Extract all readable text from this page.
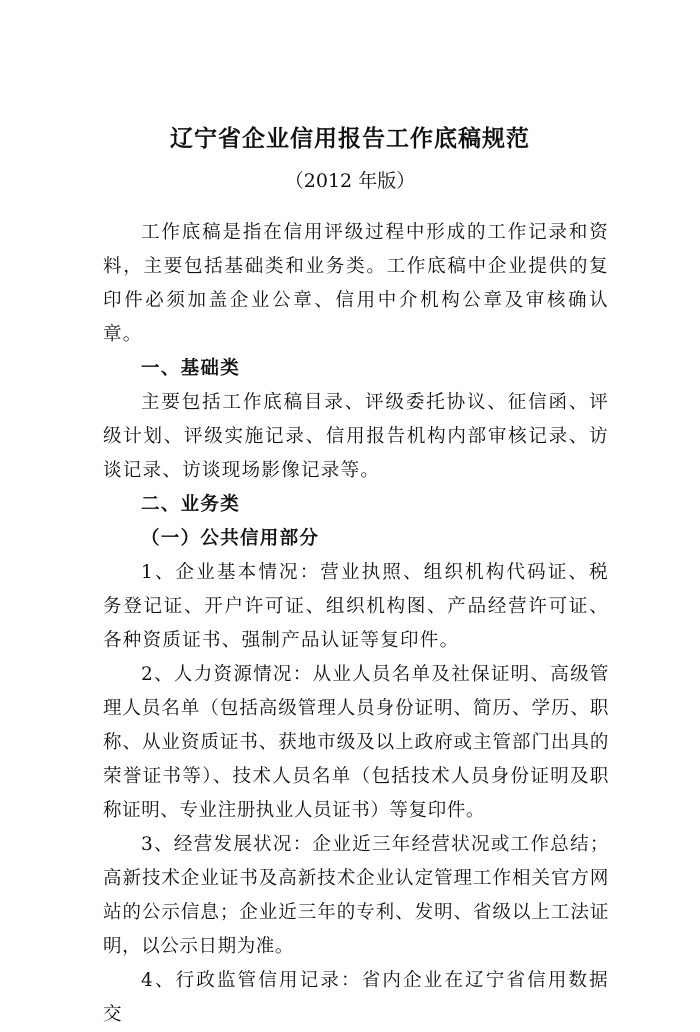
辽宁省企业信用报告工作底稿规范

（2012 年版）

工作底稿是指在信用评级过程中形成的工作记录和资料，主要包括基础类和业务类。工作底稿中企业提供的复印件必须加盖企业公章、信用中介机构公章及审核确认章。

一、基础类

主要包括工作底稿目录、评级委托协议、征信函、评级计划、评级实施记录、信用报告机构内部审核记录、访谈记录、访谈现场影像记录等。

二、业务类

（一）公共信用部分

1、企业基本情况：营业执照、组织机构代码证、税务登记证、开户许可证、组织机构图、产品经营许可证、各种资质证书、强制产品认证等复印件。

2、人力资源情况：从业人员名单及社保证明、高级管理人员名单（包括高级管理人员身份证明、简历、学历、职称、从业资质证书、获地市级及以上政府或主管部门出具的荣誉证书等）、技术人员名单（包括技术人员身份证明及职称证明、专业注册执业人员证书）等复印件。

3、经营发展状况：企业近三年经营状况或工作总结；高新技术企业证书及高新技术企业认定管理工作相关官方网站的公示信息；企业近三年的专利、发明、省级以上工法证明，以公示日期为准。

4、行政监管信用记录：省内企业在辽宁省信用数据交
